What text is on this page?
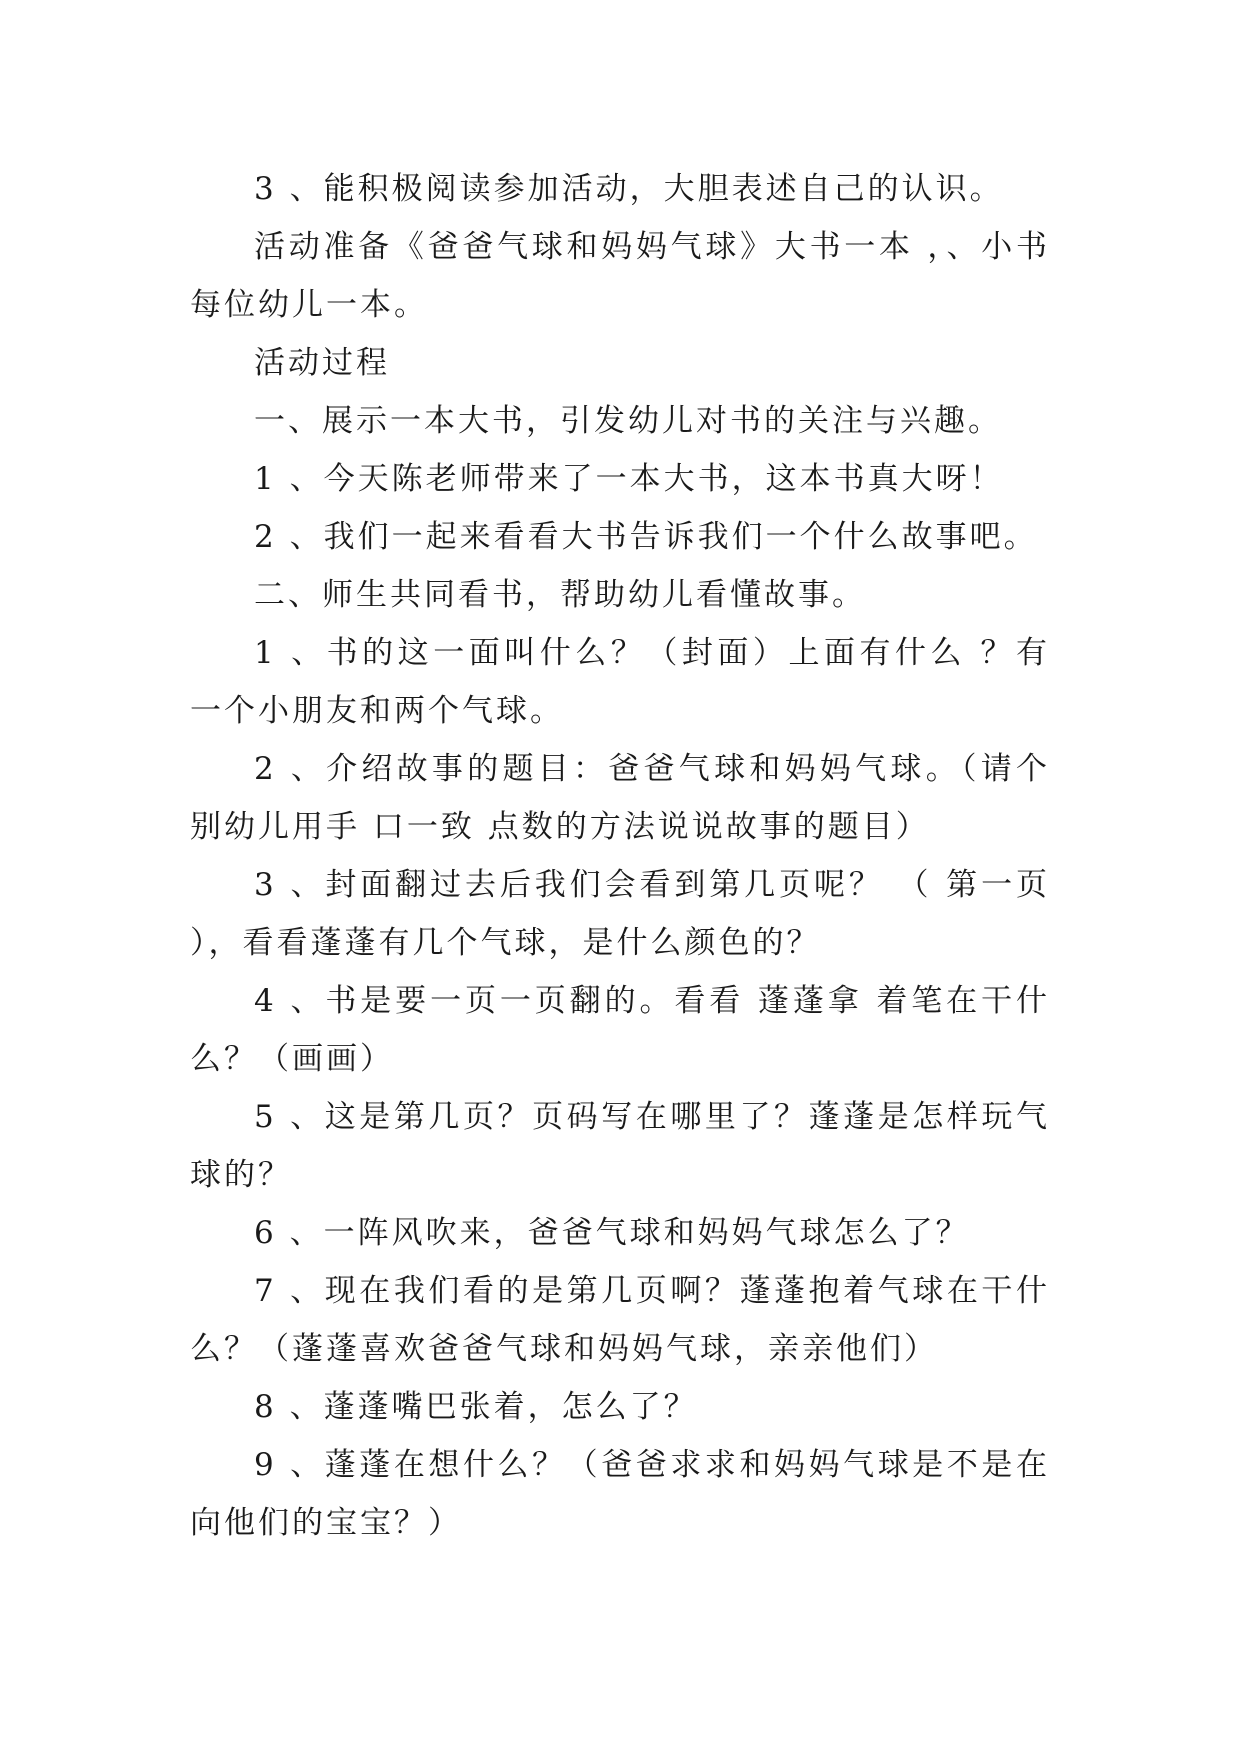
3 、能积极阅读参加活动，大胆表述自己的认识。

活动准备《爸爸气球和妈妈气球》大书一本 ，、小书每位幼儿一本。

活动过程

一、展示一本大书，引发幼儿对书的关注与兴趣。

1 、今天陈老师带来了一本大书，这本书真大呀！

2 、我们一起来看看大书告诉我们一个什么故事吧。

二、师生共同看书，帮助幼儿看懂故事。

1 、书的这一面叫什么？（封面）上面有什么 ？有一个小朋友和两个气球。

2 、介绍故事的题目：爸爸气球和妈妈气球。（请个别幼儿用手 口一致 点数的方法说说故事的题目）

3 、封面翻过去后我们会看到第几页呢？ （ 第一页 ），看看蓬蓬有几个气球，是什么颜色的？

4 、书是要一页一页翻的。看看 蓬蓬拿 着笔在干什么？（画画）

5 、这是第几页？页码写在哪里了？蓬蓬是怎样玩气球的？

6 、一阵风吹来，爸爸气球和妈妈气球怎么了？

7 、现在我们看的是第几页啊？蓬蓬抱着气球在干什么？（蓬蓬喜欢爸爸气球和妈妈气球，亲亲他们）

8 、蓬蓬嘴巴张着，怎么了？

9 、蓬蓬在想什么？（爸爸求求和妈妈气球是不是在向他们的宝宝？）
